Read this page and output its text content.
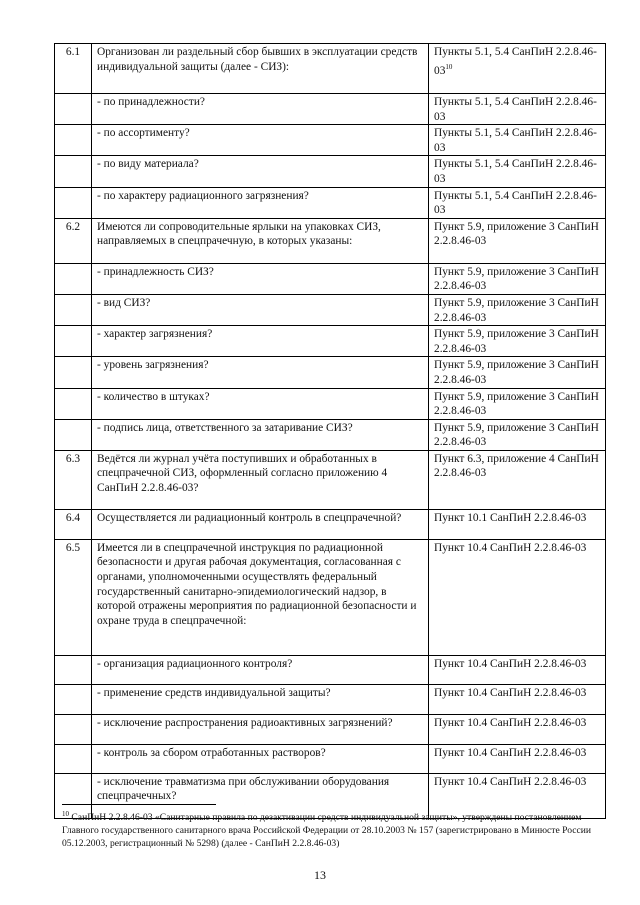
6.1	Организован ли раздельный сбор бывших в эксплуатации средств индивидуальной защиты (далее - СИЗ):	Пункты 5.1, 5.4 СанПиН $2.2.8.46-03^{10}$
	- по принадлежности?	Пункты 5.1, 5.4 СанПиН 2.2.8.46-03
	- по ассортименту?	Пункты 5.1, 5.4 СанПиН 2.2.8.46-03
	- по виду материала?	Пункты 5.1, 5.4 СанПиН 2.2.8.46-03
	- по характеру радиационного загрязнения?	Пункты 5.1, 5.4 СанПиН 2.2.8.46-03
6.2	Имеются ли сопроводительные ярлыки на упаковках СИЗ, направляемых в спецпрачечную, в которых указаны:	Пункт 5.9, приложение 3 СанПиН 2.2.8.46-03
	- принадлежность СИЗ?	Пункт 5.9, приложение 3 СанПиН 2.2.8.46-03
	- вид СИЗ?	Пункт 5.9, приложение 3 СанПиН 2.2.8.46-03
	- характер загрязнения?	Пункт 5.9, приложение 3 СанПиН 2.2.8.46-03
	- уровень загрязнения?	Пункт 5.9, приложение 3 СанПиН 2.2.8.46-03
	- количество в штуках?	Пункт 5.9, приложение 3 СанПиН 2.2.8.46-03
	- подпись лица, ответственного за затаривание СИЗ?	Пункт 5.9, приложение 3 СанПиН 2.2.8.46-03
6.3	Ведётся ли журнал учёта поступивших и обработанных в спецпрачечной СИЗ, оформленный согласно приложению 4 СанПиН 2.2.8.46-03?	Пункт 6.3, приложение 4 СанПиН 2.2.8.46-03
6.4	Осуществляется ли радиационный контроль в спецпрачечной?	Пункт 10.1 СанПиН 2.2.8.46-03
6.5	Имеется ли в спецпрачечной инструкция по радиационной безопасности и другая рабочая документация, согласованная с органами, уполномоченными осуществлять федеральный государственный санитарно-эпидемиологический надзор, в которой отражены мероприятия по радиационной безопасности и охране труда в спецпрачечной:	Пункт 10.4 СанПиН 2.2.8.46-03
	- организация радиационного контроля?	Пункт 10.4 СанПиН 2.2.8.46-03
	- применение средств индивидуальной защиты?	Пункт 10.4 СанПиН 2.2.8.46-03
	- исключение распространения радиоактивных загрязнений?	Пункт 10.4 СанПиН 2.2.8.46-03
	- контроль за сбором отработанных растворов?	Пункт 10.4 СанПиН 2.2.8.46-03
	- исключение травматизма при обслуживании оборудования спецпрачечных?	Пункт 10.4 СанПиН 2.2.8.46-03
$^{10}$ СанПиН 2.2.8.46-03 «Санитарные правила по дезактивации средств индивидуальной защиты», утверждены постановлением Главного государственного санитарного врача Российской Федерации от 28.10.2003 № 157 (зарегистрировано в Минюсте России 05.12.2003, регистрационный № 5298) (далее - СанПиН 2.2.8.46-03)
13
